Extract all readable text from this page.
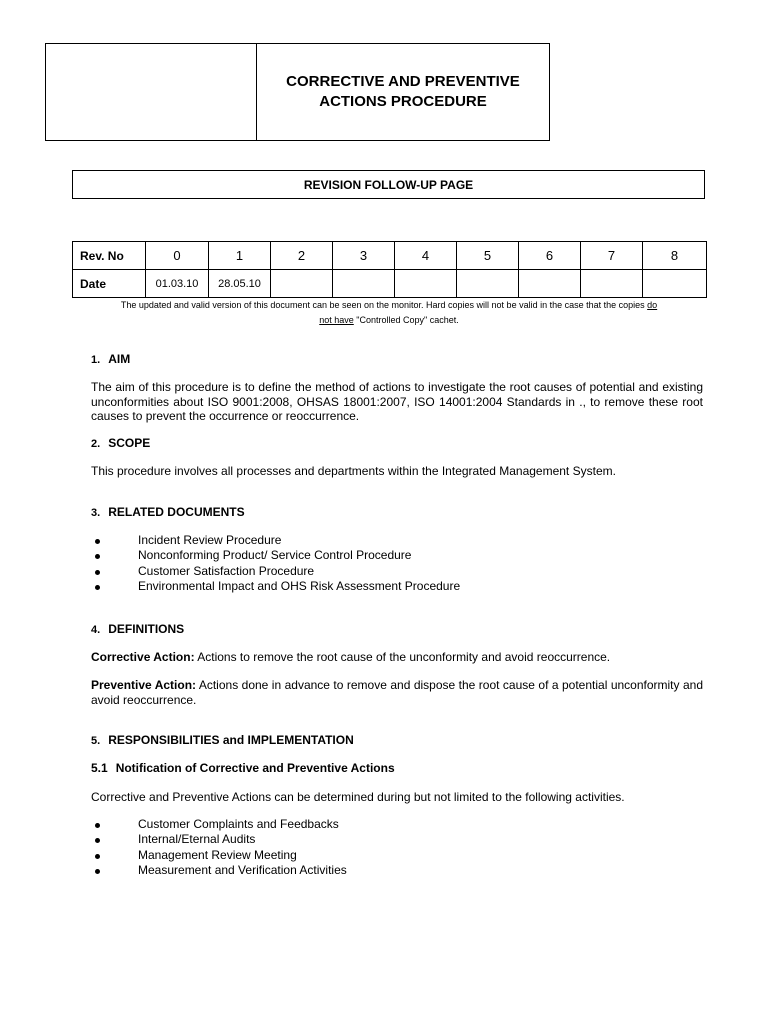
CORRECTIVE AND PREVENTIVE
ACTIONS PROCEDURE
REVISION FOLLOW-UP PAGE
Rev. No	0	1	2	3	4	5	6	7	8
Date	01.03.10	28.05.10							
The updated and valid version of this document can be seen on the monitor. Hard copies will not be valid in the case that the copies do
not have "Controlled Copy" cachet.
1. AIM
The aim of this procedure is to define the method of actions to investigate the root causes of potential and existing unconformities about ISO 9001:2008, OHSAS 18001:2007, ISO 14001:2004 Standards in ., to remove these root causes to prevent the occurrence or reoccurrence.
2. SCOPE
This procedure involves all processes and departments within the Integrated Management System.
3. RELATED DOCUMENTS
Incident Review Procedure
Nonconforming Product/ Service Control Procedure
Customer Satisfaction Procedure
Environmental Impact and OHS Risk Assessment Procedure
4. DEFINITIONS
Corrective Action: Actions to remove the root cause of the unconformity and avoid reoccurrence.
Preventive Action: Actions done in advance to remove and dispose the root cause of a potential unconformity and avoid reoccurrence.
5. RESPONSIBILITIES and IMPLEMENTATION
5.1 Notification of Corrective and Preventive Actions
Corrective and Preventive Actions can be determined during but not limited to the following activities.
Customer Complaints and Feedbacks
Internal/Eternal Audits
Management Review Meeting
Measurement and Verification Activities
